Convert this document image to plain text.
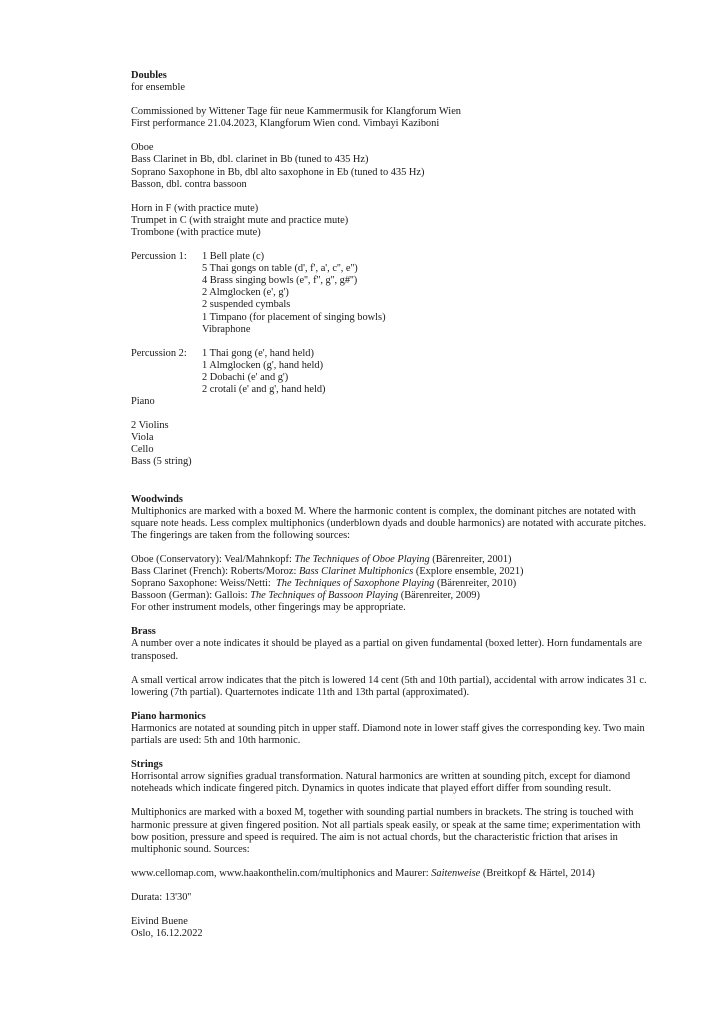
Doubles
for ensemble
Commissioned by Wittener Tage für neue Kammermusik for Klangforum Wien
First performance 21.04.2023, Klangforum Wien cond. Vimbayi Kaziboni
Oboe
Bass Clarinet in Bb, dbl. clarinet in Bb (tuned to 435 Hz)
Soprano Saxophone in Bb, dbl alto saxophone in Eb (tuned to 435 Hz)
Basson, dbl. contra bassoon
Horn in F (with practice mute)
Trumpet in C (with straight mute and practice mute)
Trombone (with practice mute)
Percussion 1:	1 Bell plate (c)
5 Thai gongs on table (d', f', a', c'', e'')
4 Brass singing bowls (e'', f'', g'', g#'')
2 Almglocken (e', g')
2 suspended cymbals
1 Timpano (for placement of singing bowls)
Vibraphone
Percussion 2:	1 Thai gong (e', hand held)
1 Almglocken (g', hand held)
2 Dobachi (e' and g')
2 crotali (e' and g', hand held)
Piano
2 Violins
Viola
Cello
Bass (5 string)
Woodwinds
Multiphonics are marked with a boxed M. Where the harmonic content is complex, the dominant pitches are notated with square note heads. Less complex multiphonics (underblown dyads and double harmonics) are notated with accurate pitches. The fingerings are taken from the following sources:
Oboe (Conservatory): Veal/Mahnkopf: The Techniques of Oboe Playing (Bärenreiter, 2001)
Bass Clarinet (French): Roberts/Moroz: Bass Clarinet Multiphonics (Explore ensemble, 2021)
Soprano Saxophone: Weiss/Netti:  The Techniques of Saxophone Playing (Bärenreiter, 2010)
Bassoon (German): Gallois: The Techniques of Bassoon Playing (Bärenreiter, 2009)
For other instrument models, other fingerings may be appropriate.
Brass
A number over a note indicates it should be played as a partial on given fundamental (boxed letter). Horn fundamentals are transposed.
A small vertical arrow indicates that the pitch is lowered 14 cent (5th and 10th partial), accidental with arrow indicates 31 c. lowering (7th partial). Quarternotes indicate 11th and 13th partal (approximated).
Piano harmonics
Harmonics are notated at sounding pitch in upper staff. Diamond note in lower staff gives the corresponding key. Two main partials are used: 5th and 10th harmonic.
Strings
Horrisontal arrow signifies gradual transformation. Natural harmonics are written at sounding pitch, except for diamond noteheads which indicate fingered pitch. Dynamics in quotes indicate that played effort differ from sounding result.
Multiphonics are marked with a boxed M, together with sounding partial numbers in brackets. The string is touched with harmonic pressure at given fingered position. Not all partials speak easily, or speak at the same time; experimentation with bow position, pressure and speed is required. The aim is not actual chords, but the characteristic friction that arises in multiphonic sound. Sources:
www.cellomap.com, www.haakonthelin.com/multiphonics and Maurer: Saitenweise (Breitkopf & Härtel, 2014)
Durata: 13'30''
Eivind Buene
Oslo, 16.12.2022
